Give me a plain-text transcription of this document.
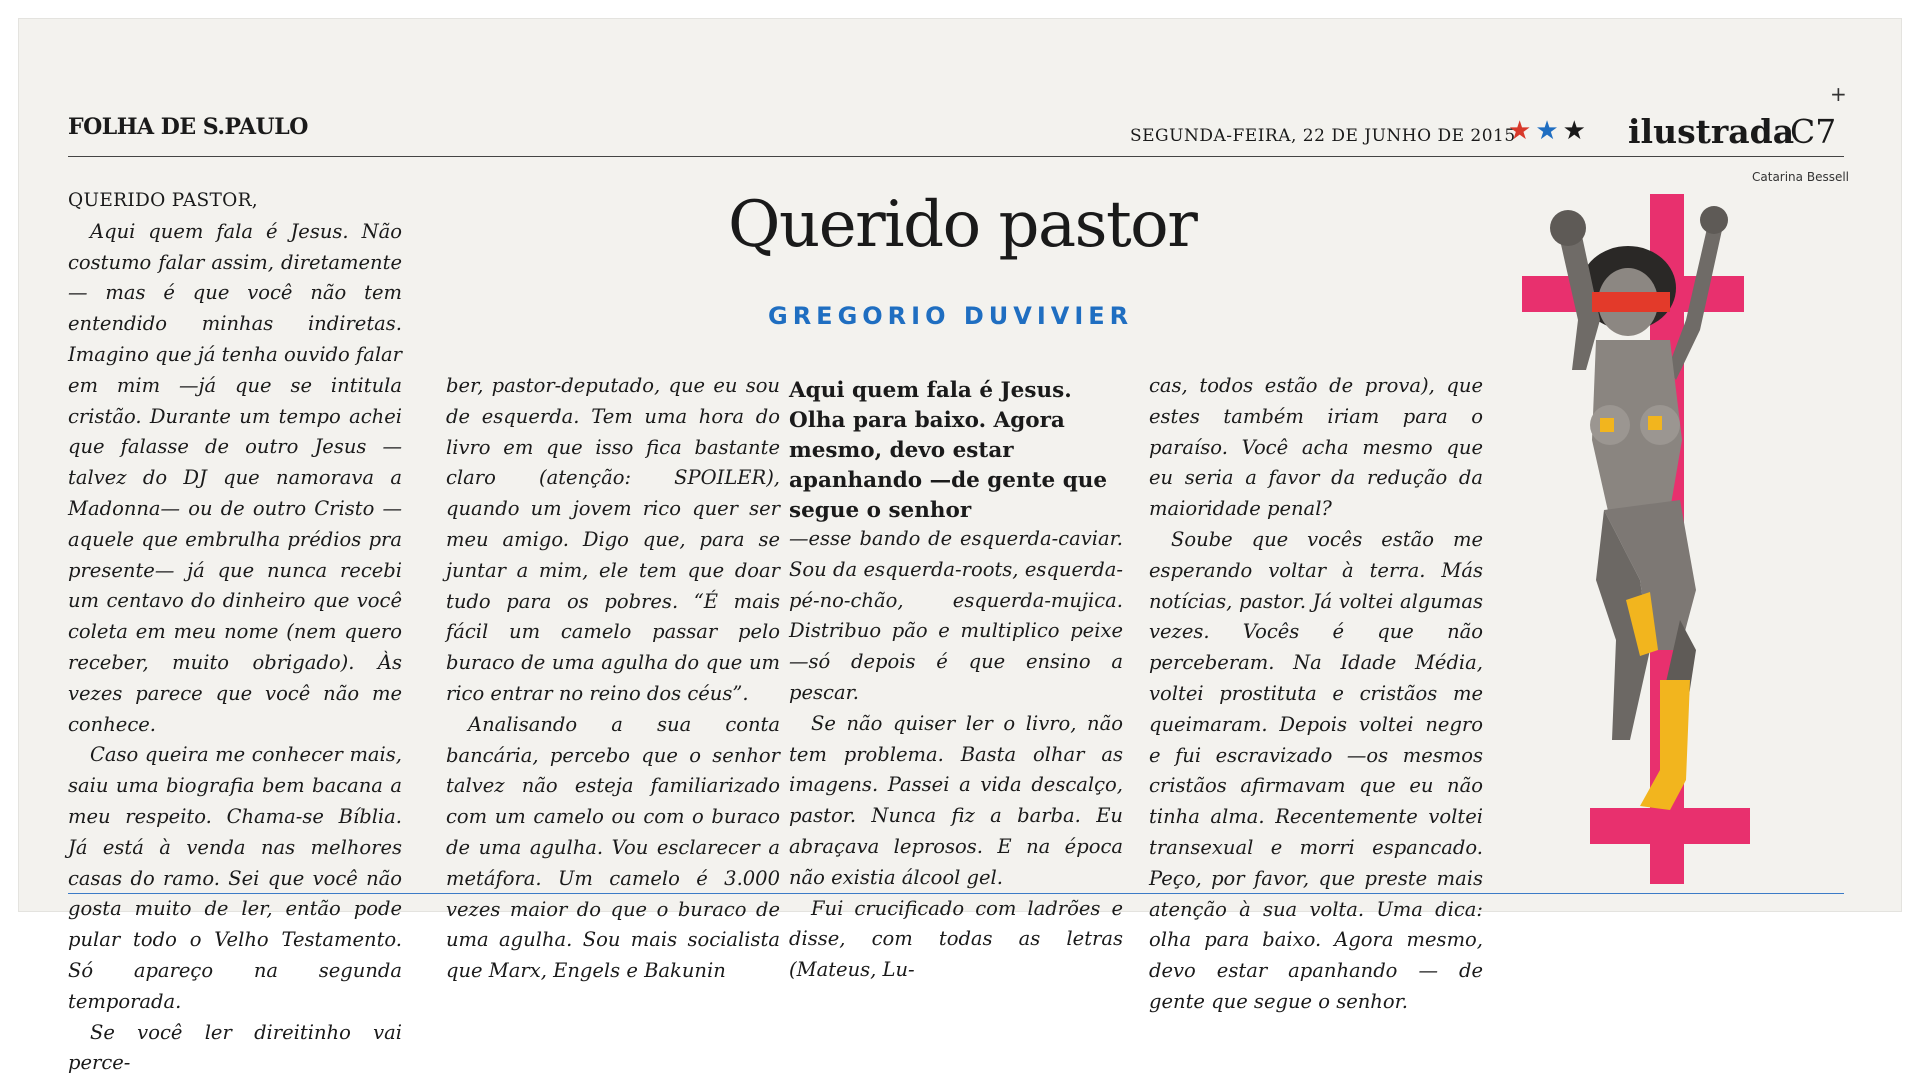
FOLHA DE S.PAULO	SEGUNDA-FEIRA, 22 DE JUNHO DE 2015
★★★ ilustrada
C7
+
Catarina Bessell
Querido pastor
GREGORIO DUVIVIER

QUERIDO PASTOR,

Aqui quem fala é Jesus. Não costumo falar assim, diretamente — mas é que você não tem entendido minhas indiretas. Imagino que já tenha ouvido falar em mim —já que se intitula cristão. Durante um tempo achei que falasse de outro Jesus —talvez do DJ que namorava a Madonna— ou de outro Cristo —aquele que embrulha prédios pra presente— já que nunca recebi um centavo do dinheiro que você coleta em meu nome (nem quero receber, muito obrigado). Às vezes parece que você não me conhece.

Caso queira me conhecer mais, saiu uma biografia bem bacana a meu respeito. Chama-se Bíblia. Já está à venda nas melhores casas do ramo. Sei que você não gosta muito de ler, então pode pular todo o Velho Testamento. Só apareço na segunda temporada.

Se você ler direitinho vai perce-

ber, pastor-deputado, que eu sou de esquerda. Tem uma hora do livro em que isso fica bastante claro (atenção: SPOILER), quando um jovem rico quer ser meu amigo. Digo que, para se juntar a mim, ele tem que doar tudo para os pobres. “É mais fácil um camelo passar pelo buraco de uma agulha do que um rico entrar no reino dos céus”.

Analisando a sua conta bancária, percebo que o senhor talvez não esteja familiarizado com um camelo ou com o buraco de uma agulha. Vou esclarecer a metáfora. Um camelo é 3.000 vezes maior do que o buraco de uma agulha. Sou mais socialista que Marx, Engels e Bakunin

Aqui quem fala é Jesus. Olha para baixo. Agora mesmo, devo estar apanhando —de gente que segue o senhor

—esse bando de esquerda-caviar. Sou da esquerda-roots, esquerda-pé-no-chão, esquerda-mujica. Distribuo pão e multiplico peixe —só depois é que ensino a pescar.

Se não quiser ler o livro, não tem problema. Basta olhar as imagens. Passei a vida descalço, pastor. Nunca fiz a barba. Eu abraçava leprosos. E na época não existia álcool gel.

Fui crucificado com ladrões e disse, com todas as letras (Mateus, Lu-

cas, todos estão de prova), que estes também iriam para o paraíso. Você acha mesmo que eu seria a favor da redução da maioridade penal?

Soube que vocês estão me esperando voltar à terra. Más notícias, pastor. Já voltei algumas vezes. Vocês é que não perceberam. Na Idade Média, voltei prostituta e cristãos me queimaram. Depois voltei negro e fui escravizado —os mesmos cristãos afirmavam que eu não tinha alma. Recentemente voltei transexual e morri espancado. Peço, por favor, que preste mais atenção à sua volta. Uma dica: olha para baixo. Agora mesmo, devo estar apanhando — de gente que segue o senhor.
